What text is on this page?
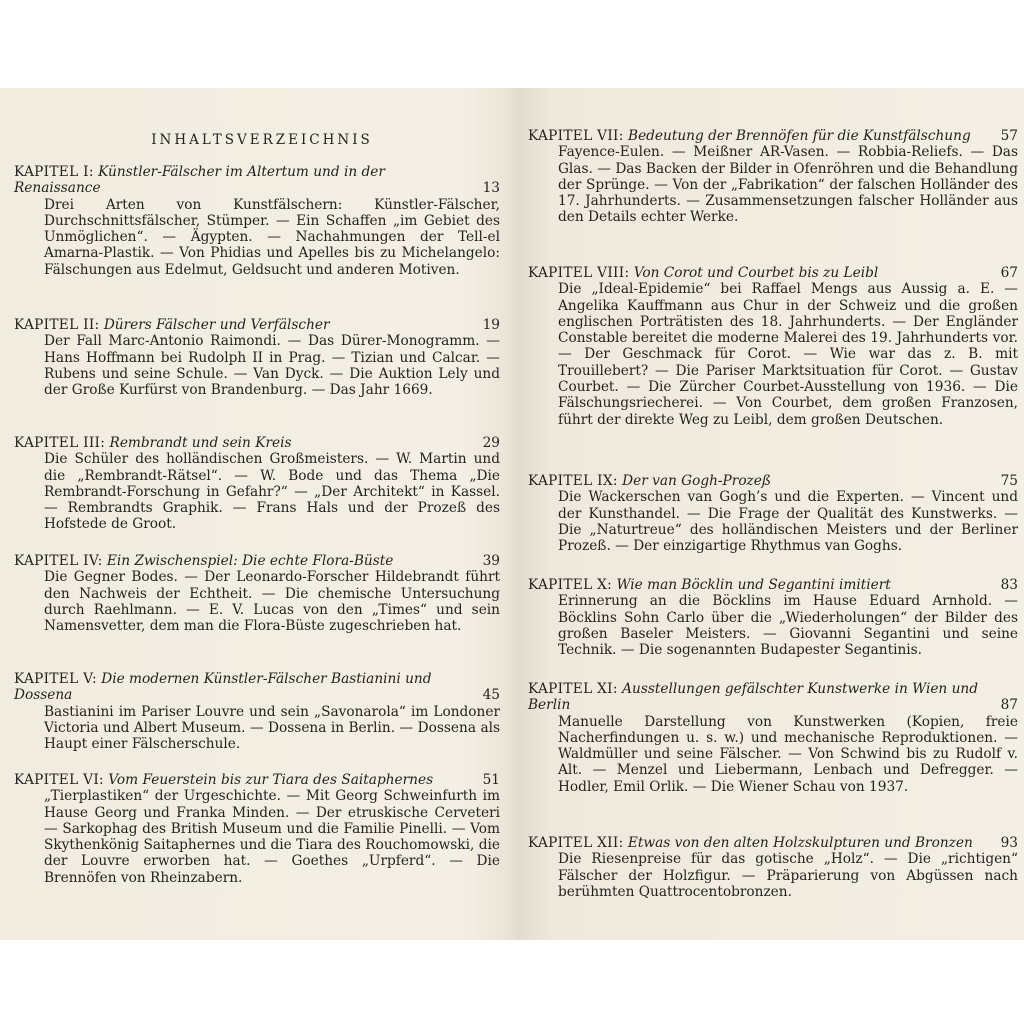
INHALTSVERZEICHNIS
KAPITEL I: Künstler-Fälscher im Altertum und in der Renaissance	13
Drei Arten von Kunstfälschern: Künstler-Fälscher, Durchschnittsfälscher, Stümper. — Ein Schaffen „im Gebiet des Unmöglichen“. — Ägypten. — Nachahmungen der Tell-el Amarna-Plastik. — Von Phidias und Apelles bis zu Michelangelo: Fälschungen aus Edelmut, Geldsucht und anderen Motiven.
KAPITEL II: Dürers Fälscher und Verfälscher	19
Der Fall Marc-Antonio Raimondi. — Das Dürer-Monogramm. — Hans Hoffmann bei Rudolph II in Prag. — Tizian und Calcar. — Rubens und seine Schule. — Van Dyck. — Die Auktion Lely und der Große Kurfürst von Brandenburg. — Das Jahr 1669.
KAPITEL III: Rembrandt und sein Kreis	29
Die Schüler des holländischen Großmeisters. — W. Martin und die „Rembrandt-Rätsel“. — W. Bode und das Thema „Die Rembrandt-Forschung in Gefahr?“ — „Der Architekt“ in Kassel. — Rembrandts Graphik. — Frans Hals und der Prozeß des Hofstede de Groot.
KAPITEL IV: Ein Zwischenspiel: Die echte Flora-Büste	39
Die Gegner Bodes. — Der Leonardo-Forscher Hildebrandt führt den Nachweis der Echtheit. — Die chemische Untersuchung durch Raehlmann. — E. V. Lucas von den „Times“ und sein Namensvetter, dem man die Flora-Büste zugeschrieben hat.
KAPITEL V: Die modernen Künstler-Fälscher Bastianini und Dossena	45
Bastianini im Pariser Louvre und sein „Savonarola“ im Londoner Victoria und Albert Museum. — Dossena in Berlin. — Dossena als Haupt einer Fälscherschule.
KAPITEL VI: Vom Feuerstein bis zur Tiara des Saitaphernes	51
„Tierplastiken“ der Urgeschichte. — Mit Georg Schweinfurth im Hause Georg und Franka Minden. — Der etruskische Cerveteri — Sarkophag des British Museum und die Familie Pinelli. — Vom Skythenkönig Saitaphernes und die Tiara des Rouchomowski, die der Louvre erworben hat. — Goethes „Urpferd“. — Die Brennöfen von Rheinzabern.
KAPITEL VII: Bedeutung der Brennöfen für die Kunstfälschung	57
Fayence-Eulen. — Meißner AR-Vasen. — Robbia-Reliefs. — Das Glas. — Das Backen der Bilder in Ofenröhren und die Behandlung der Sprünge. — Von der „Fabrikation“ der falschen Holländer des 17. Jahrhunderts. — Zusammensetzungen falscher Holländer aus den Details echter Werke.
KAPITEL VIII: Von Corot und Courbet bis zu Leibl	67
Die „Ideal-Epidemie“ bei Raffael Mengs aus Aussig a. E. — Angelika Kauffmann aus Chur in der Schweiz und die großen englischen Porträtisten des 18. Jahrhunderts. — Der Engländer Constable bereitet die moderne Malerei des 19. Jahrhunderts vor. — Der Geschmack für Corot. — Wie war das z. B. mit Trouillebert? — Die Pariser Marktsituation für Corot. — Gustav Courbet. — Die Zürcher Courbet-Ausstellung von 1936. — Die Fälschungsriecherei. — Von Courbet, dem großen Franzosen, führt der direkte Weg zu Leibl, dem großen Deutschen.
KAPITEL IX: Der van Gogh-Prozeß	75
Die Wackerschen van Gogh’s und die Experten. — Vincent und der Kunsthandel. — Die Frage der Qualität des Kunstwerks. — Die „Naturtreue“ des holländischen Meisters und der Berliner Prozeß. — Der einzigartige Rhythmus van Goghs.
KAPITEL X: Wie man Böcklin und Segantini imitiert	83
Erinnerung an die Böcklins im Hause Eduard Arnhold. — Böcklins Sohn Carlo über die „Wiederholungen“ der Bilder des großen Baseler Meisters. — Giovanni Segantini und seine Technik. — Die sogenannten Budapester Segantinis.
KAPITEL XI: Ausstellungen gefälschter Kunstwerke in Wien und Berlin	87
Manuelle Darstellung von Kunstwerken (Kopien, freie Nacherfindungen u. s. w.) und mechanische Reproduktionen. — Waldmüller und seine Fälscher. — Von Schwind bis zu Rudolf v. Alt. — Menzel und Liebermann, Lenbach und Defregger. — Hodler, Emil Orlik. — Die Wiener Schau von 1937.
KAPITEL XII: Etwas von den alten Holzskulpturen und Bronzen	93
Die Riesenpreise für das gotische „Holz“. — Die „richtigen“ Fälscher der Holzfigur. — Präparierung von Abgüssen nach berühmten Quattrocentobronzen.
